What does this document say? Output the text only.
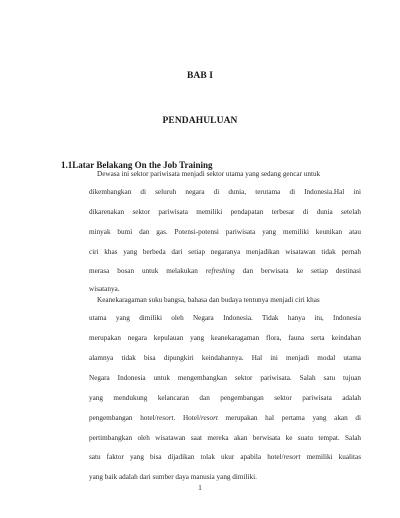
BAB I
PENDAHULUAN
1.1Latar Belakang On the Job Training
Dewasa ini sektor pariwisata menjadi sektor utama yang sedang gencar untuk
dikembangkan di seluruh negara di dunia, terutama di Indonesia.Hal ini
dikarenakan sektor pariwisata memiliki pendapatan terbesar di dunia setelah
minyak bumi dan gas. Potensi-potensi pariwisata yang memiliki keunikan atau
ciri khas yang berbeda dari setiap negaranya menjadikan wisatawan tidak pernah
merasa bosan untuk melakukan refreshing dan berwisata ke setiap destinasi
wisatanya.
Keanekaragaman suku bangsa, bahasa dan budaya tentunya menjadi ciri khas
utama yang dimiliki oleh Negara Indonesia. Tidak hanya itu, Indonesia
merupakan negara kepulauan yang keanekaragaman flora, fauna serta keindahan
alamnya tidak bisa dipungkiri keindahannya. Hal ini menjadi modal utama
Negara Indonesia untuk mengembangkan sektor pariwisata. Salah satu tujuan
yang mendukung kelancaran dan pengembangan sektor pariwisata adalah
pengembangan hotel/resort. Hotel/resort merupakan hal pertama yang akan di
pertimbangkan oleh wisatawan saat mereka akan berwisata ke suatu tempat. Salah
satu faktor yang bisa dijadikan tolak ukur apabila hotel/resort memiliki kualitas
yang baik adalah dari sumber daya manusia yang dimiliki.
1
